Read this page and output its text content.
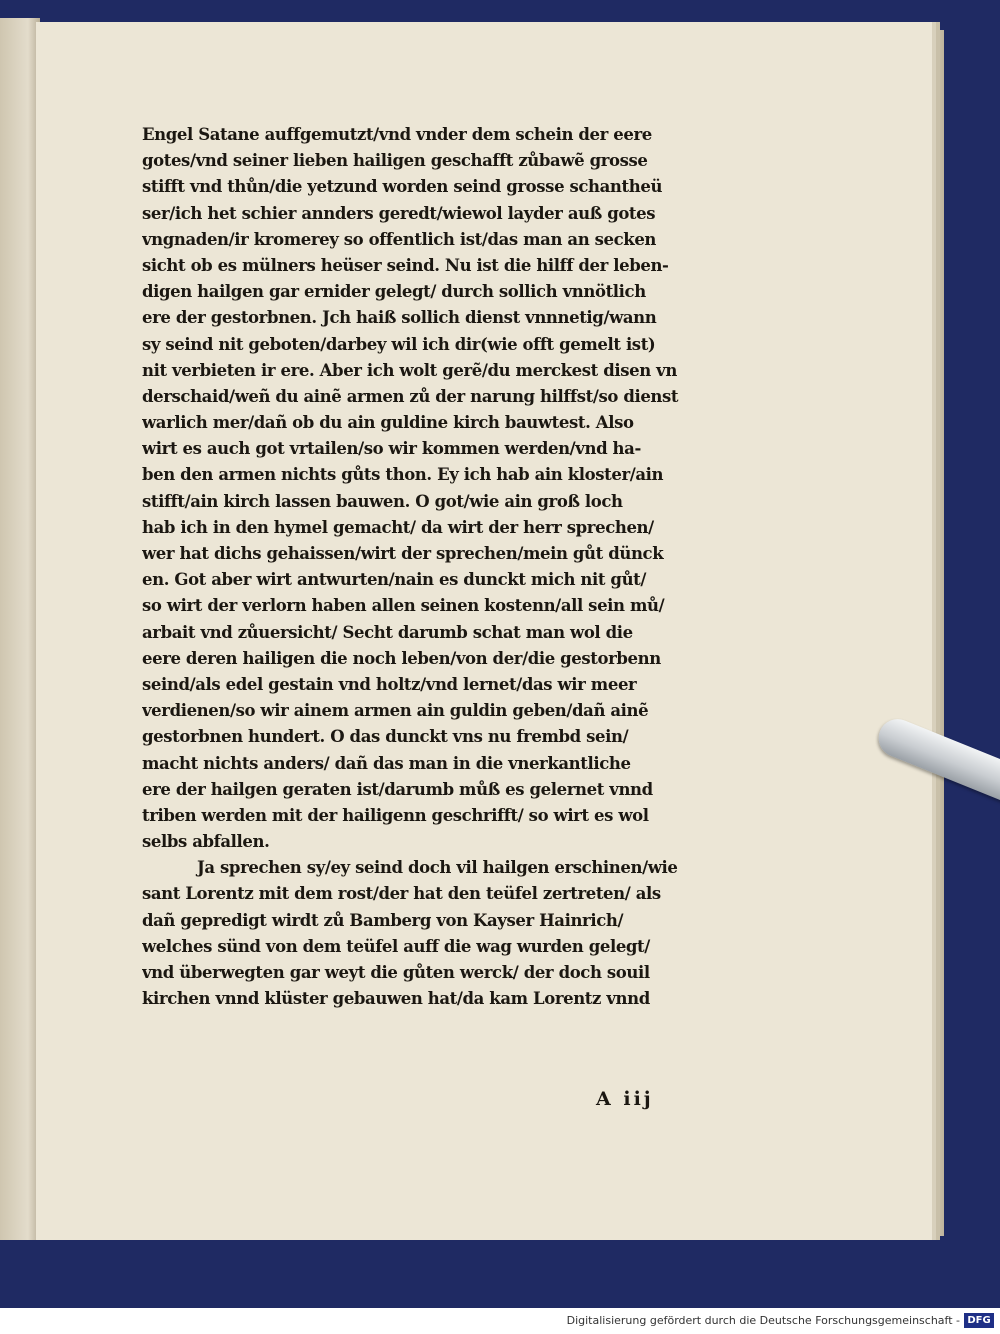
Engel Satane auffgemutzt/vnd vnder dem schein der eere
gotes/vnd seiner lieben hailigen geschafft zůbawẽ grosse
stifft vnd thůn/die yetzund worden seind grosse schantheü
ser/ich het schier annders geredt/wiewol layder auß gotes
vngnaden/ir kromerey so offentlich ist/das man an secken
sicht ob es mülners heüser seind. Nu ist die hilff der leben-
digen hailgen gar ernider gelegt/ durch sollich vnnötlich
ere der gestorbnen. Jch haiß sollich dienst vnnnetig/wann
sy seind nit geboten/darbey wil ich dir(wie offt gemelt ist)
nit verbieten ir ere. Aber ich wolt gerẽ/du merckest disen vn
derschaid/weñ du ainẽ armen zů der narung hilffst/so dienst
warlich mer/dañ ob du ain guldine kirch bauwtest. Also
wirt es auch got vrtailen/so wir kommen werden/vnd ha-
ben den armen nichts gůts thon. Ey ich hab ain kloster/ain
stifft/ain kirch lassen bauwen. O got/wie ain groß loch
hab ich in den hymel gemacht/ da wirt der herr sprechen/
wer hat dichs gehaissen/wirt der sprechen/mein gůt dünck
en. Got aber wirt antwurten/nain es dunckt mich nit gůt/
so wirt der verlorn haben allen seinen kostenn/all sein mů/
arbait vnd zůuersicht/ Secht darumb schat man wol die
eere deren hailigen die noch leben/von der/die gestorbenn
seind/als edel gestain vnd holtz/vnd lernet/das wir meer
verdienen/so wir ainem armen ain guldin geben/dañ ainẽ
gestorbnen hundert. O das dunckt vns nu frembd sein/
macht nichts anders/ dañ das man in die vnerkantliche
ere der hailgen geraten ist/darumb můß es gelernet vnnd
triben werden mit der hailigenn geschrifft/ so wirt es wol
selbs abfallen.
Ja sprechen sy/ey seind doch vil hailgen erschinen/wie
sant Lorentz mit dem rost/der hat den teüfel zertreten/ als
dañ gepredigt wirdt zů Bamberg von Kayser Hainrich/
welches sünd von dem teüfel auff die wag wurden gelegt/
vnd überwegten gar weyt die gůten werck/ der doch souil
kirchen vnnd klüster gebauwen hat/da kam Lorentz vnnd
A iij
Digitalisierung gefördert durch die Deutsche Forschungsgemeinschaft - DFG
